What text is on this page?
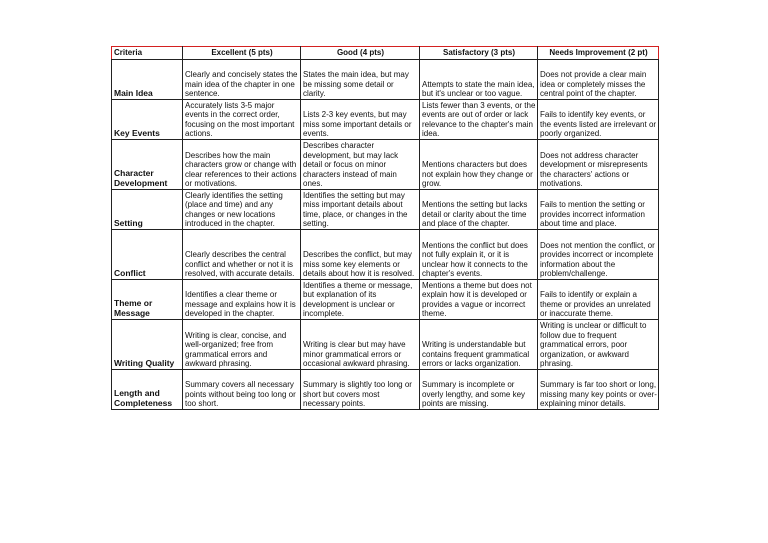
Criteria	Excellent (5 pts)	Good (4 pts)	Satisfactory (3 pts)	Needs Improvement (2 pt)
Main Idea	Clearly and concisely states the main idea of the chapter in one sentence.	States the main idea, but may be missing some detail or clarity.	Attempts to state the main idea, but it's unclear or too vague.	Does not provide a clear main idea or completely misses the central point of the chapter.
Key Events	Accurately lists 3-5 major events in the correct order, focusing on the most important actions.	Lists 2-3 key events, but may miss some important details or events.	Lists fewer than 3 events, or the events are out of order or lack relevance to the chapter's main idea.	Fails to identify key events, or the events listed are irrelevant or poorly organized.
Character Development	Describes how the main characters grow or change with clear references to their actions or motivations.	Describes character development, but may lack detail or focus on minor characters instead of main ones.	Mentions characters but does not explain how they change or grow.	Does not address character development or misrepresents the characters' actions or motivations.
Setting	Clearly identifies the setting (place and time) and any changes or new locations introduced in the chapter.	Identifies the setting but may miss important details about time, place, or changes in the setting.	Mentions the setting but lacks detail or clarity about the time and place of the chapter.	Fails to mention the setting or provides incorrect information about time and place.
Conflict	Clearly describes the central conflict and whether or not it is resolved, with accurate details.	Describes the conflict, but may miss some key elements or details about how it is resolved.	Mentions the conflict but does not fully explain it, or it is unclear how it connects to the chapter's events.	Does not mention the conflict, or provides incorrect or incomplete information about the problem/challenge.
Theme or Message	Identifies a clear theme or message and explains how it is developed in the chapter.	Identifies a theme or message, but explanation of its development is unclear or incomplete.	Mentions a theme but does not explain how it is developed or provides a vague or incorrect theme.	Fails to identify or explain a theme or provides an unrelated or inaccurate theme.
Writing Quality	Writing is clear, concise, and well-organized; free from grammatical errors and awkward phrasing.	Writing is clear but may have minor grammatical errors or occasional awkward phrasing.	Writing is understandable but contains frequent grammatical errors or lacks organization.	Writing is unclear or difficult to follow due to frequent grammatical errors, poor organization, or awkward phrasing.
Length and Completeness	Summary covers all necessary points without being too long or too short.	Summary is slightly too long or short but covers most necessary points.	Summary is incomplete or overly lengthy, and some key points are missing.	Summary is far too short or long, missing many key points or over-explaining minor details.
